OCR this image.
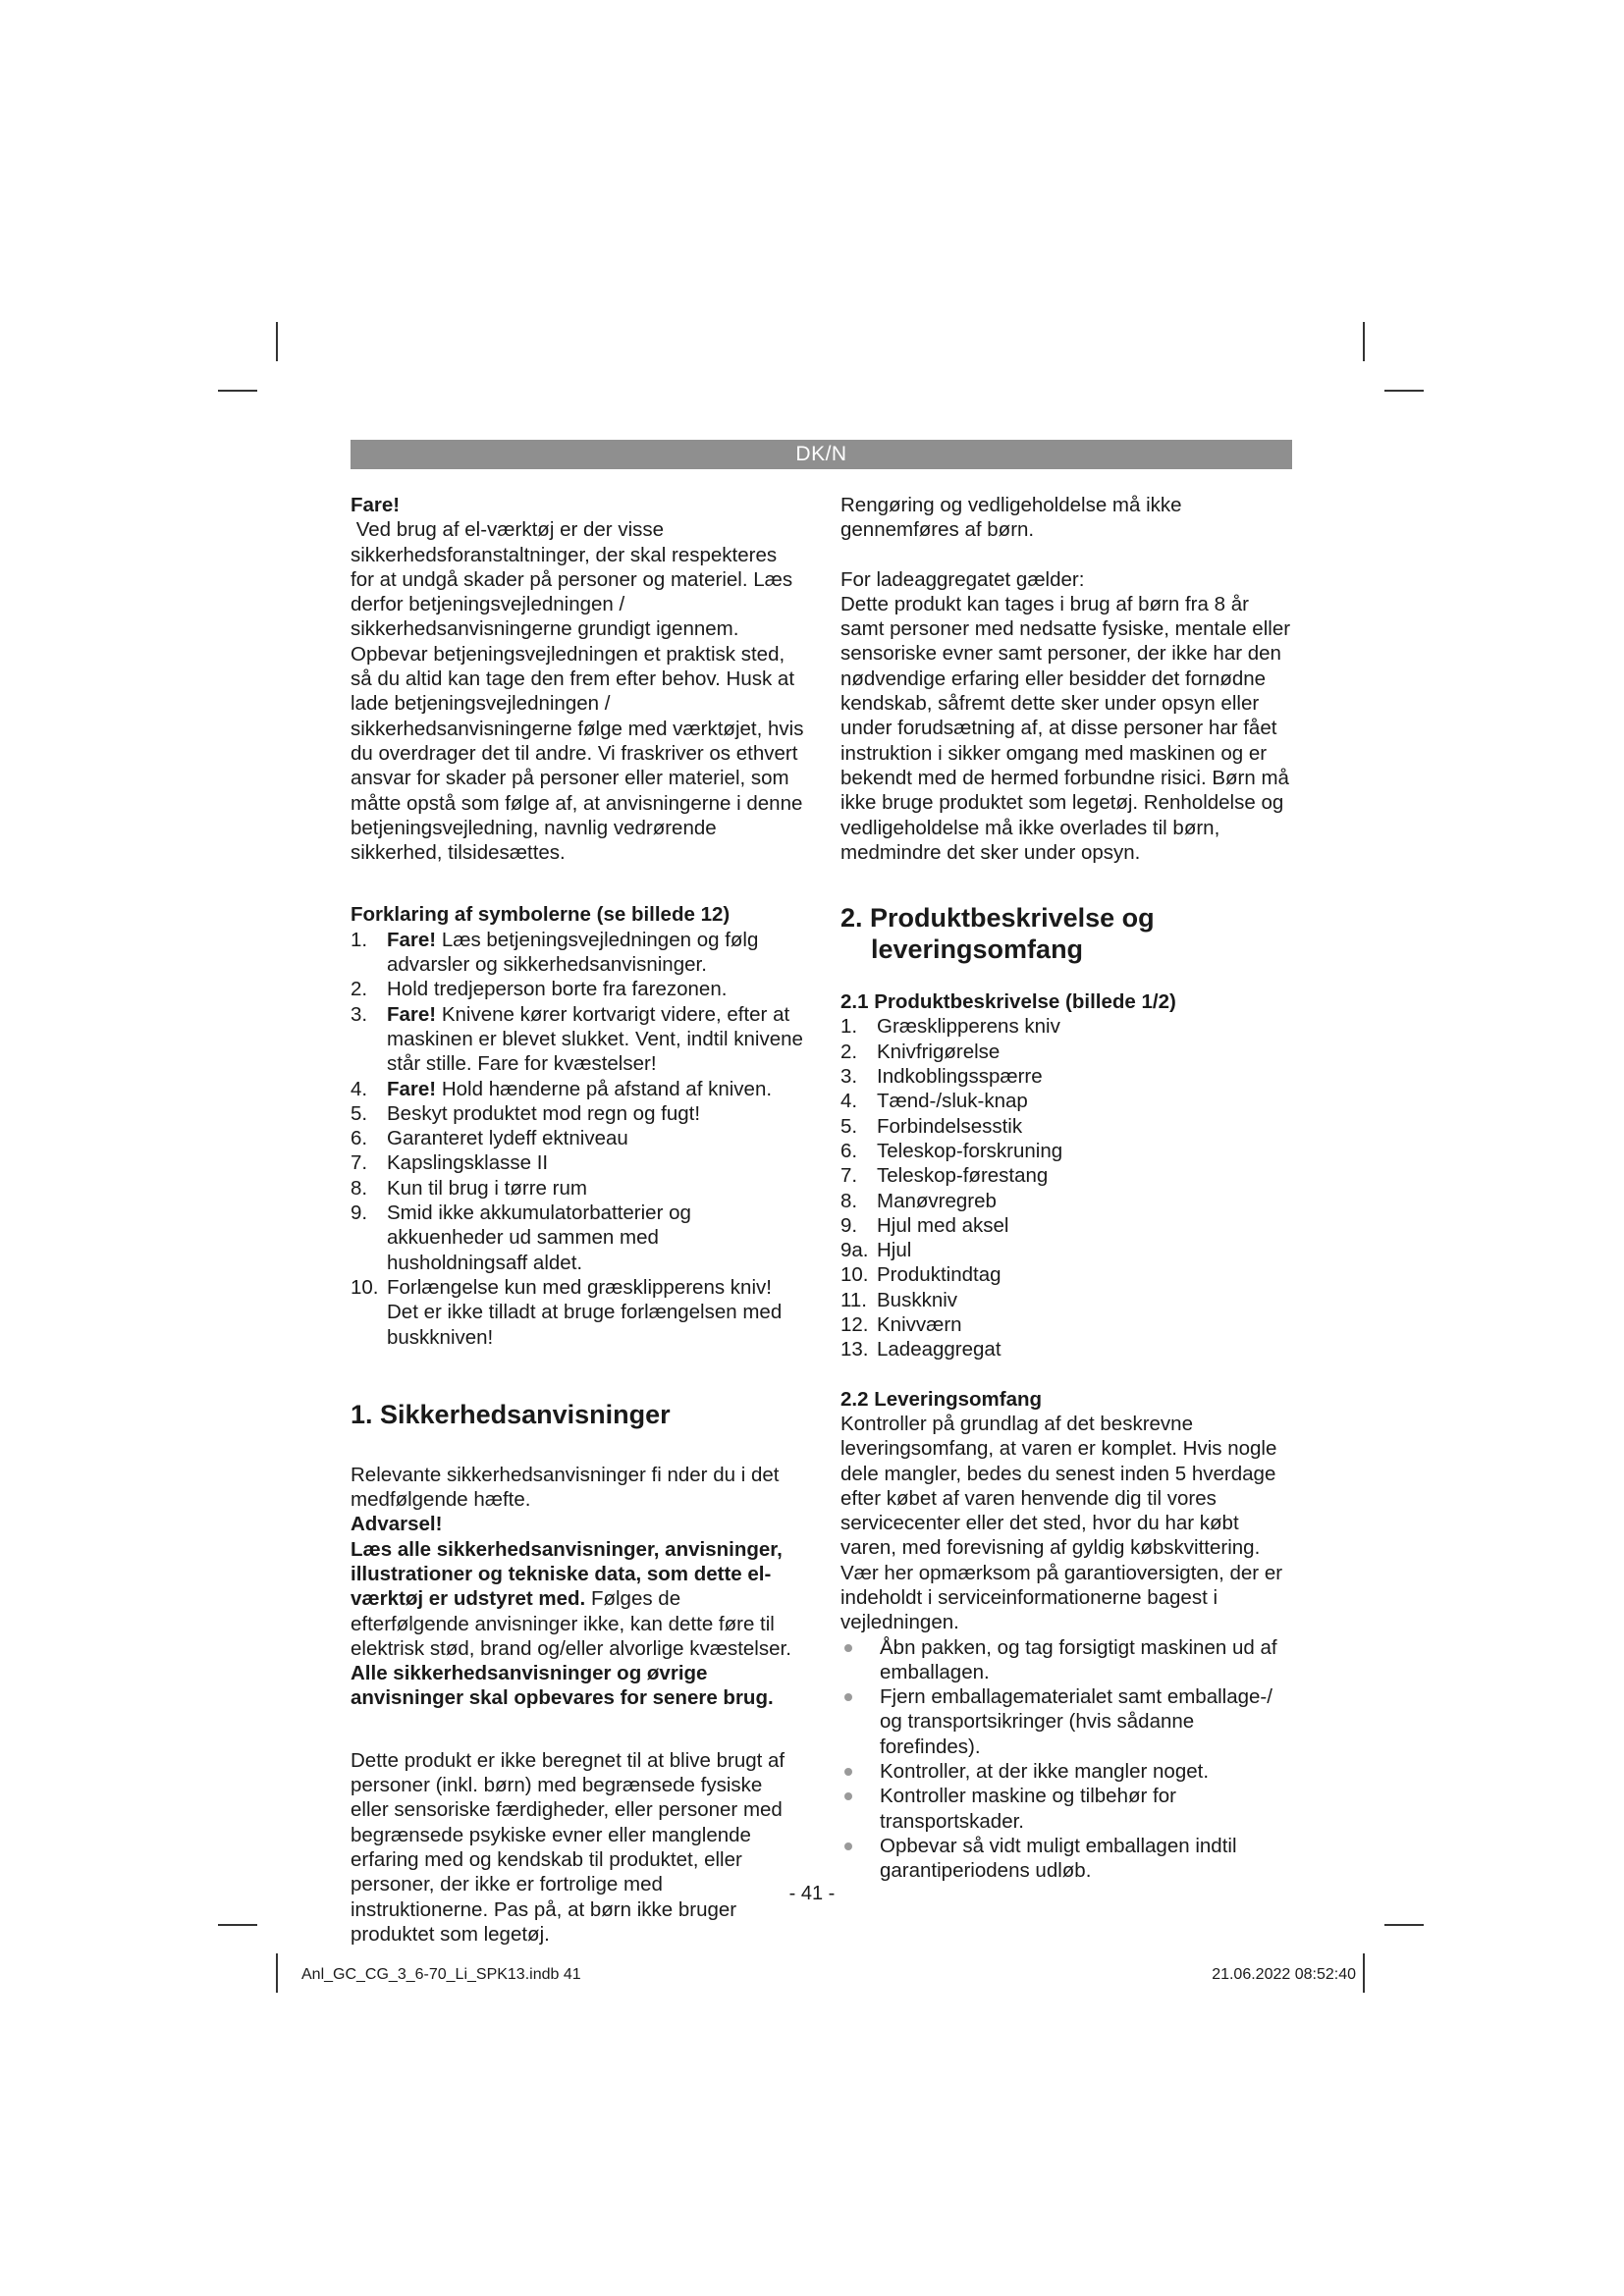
DK/N

Fare!

Ved brug af el-værktøj er der visse sikkerhedsforanstaltninger, der skal respekteres for at undgå skader på personer og materiel. Læs derfor betjeningsvejledningen / sikkerhedsanvisningerne grundigt igennem. Opbevar betjeningsvejledningen et praktisk sted, så du altid kan tage den frem efter behov. Husk at lade betjeningsvejledningen / sikkerhedsanvisningerne følge med værktøjet, hvis du overdrager det til andre. Vi fraskriver os ethvert ansvar for skader på personer eller materiel, som måtte opstå som følge af, at anvisningerne i denne betjeningsvejledning, navnlig vedrørende sikkerhed, tilsidesættes.

Forklaring af symbolerne (se billede 12)

1. Fare! Læs betjeningsvejledningen og følg advarsler og sikkerhedsanvisninger.
2. Hold tredjeperson borte fra farezonen.
3. Fare! Knivene kører kortvarigt videre, efter at maskinen er blevet slukket. Vent, indtil knivene står stille. Fare for kvæstelser!
4. Fare! Hold hænderne på afstand af kniven.
5. Beskyt produktet mod regn og fugt!
6. Garanteret lydeff ektniveau
7. Kapslingsklasse II
8. Kun til brug i tørre rum
9. Smid ikke akkumulatorbatterier og akkuenheder ud sammen med husholdningsaff aldet.
10. Forlængelse kun med græsklipperens kniv! Det er ikke tilladt at bruge forlængelsen med buskkniven!

1. Sikkerhedsanvisninger

Relevante sikkerhedsanvisninger fi nder du i det medfølgende hæfte.

Advarsel!

Læs alle sikkerhedsanvisninger, anvisninger, illustrationer og tekniske data, som dette el-værktøj er udstyret med. Følges de efterfølgende anvisninger ikke, kan dette føre til elektrisk stød, brand og/eller alvorlige kvæstelser.

Alle sikkerhedsanvisninger og øvrige anvisninger skal opbevares for senere brug.

Dette produkt er ikke beregnet til at blive brugt af personer (inkl. børn) med begrænsede fysiske eller sensoriske færdigheder, eller personer med begrænsede psykiske evner eller manglende erfaring med og kendskab til produktet, eller personer, der ikke er fortrolige med instruktionerne. Pas på, at børn ikke bruger produktet som legetøj.

Rengøring og vedligeholdelse må ikke gennemføres af børn.

For ladeaggregatet gælder:

Dette produkt kan tages i brug af børn fra 8 år samt personer med nedsatte fysiske, mentale eller sensoriske evner samt personer, der ikke har den nødvendige erfaring eller besidder det fornødne kendskab, såfremt dette sker under opsyn eller under forudsætning af, at disse personer har fået instruktion i sikker omgang med maskinen og er bekendt med de hermed forbundne risici. Børn må ikke bruge produktet som legetøj. Renholdelse og vedligeholdelse må ikke overlades til børn, medmindre det sker under opsyn.

2. Produktbeskrivelse og
leveringsomfang

2.1 Produktbeskrivelse (billede 1/2)

1. Græsklipperens kniv
2. Knivfrigørelse
3. Indkoblingsspærre
4. Tænd-/sluk-knap
5. Forbindelsesstik
6. Teleskop-forskruning
7. Teleskop-førestang
8. Manøvregreb
9. Hjul med aksel
9a. Hjul
10. Produktindtag
11. Buskkniv
12. Knivværn
13. Ladeaggregat

2.2 Leveringsomfang

Kontroller på grundlag af det beskrevne leveringsomfang, at varen er komplet. Hvis nogle dele mangler, bedes du senest inden 5 hverdage efter købet af varen henvende dig til vores servicecenter eller det sted, hvor du har købt varen, med forevisning af gyldig købskvittering. Vær her opmærksom på garantioversigten, der er indeholdt i serviceinformationerne bagest i vejledningen.

Åbn pakken, og tag forsigtigt maskinen ud af emballagen.
Fjern emballagematerialet samt emballage-/ og transportsikringer (hvis sådanne forefindes).
Kontroller, at der ikke mangler noget.
Kontroller maskine og tilbehør for transportskader.
Opbevar så vidt muligt emballagen indtil garantiperiodens udløb.
- 41 -
Anl_GC_CG_3_6-70_Li_SPK13.indb 41	21.06.2022 08:52:40
